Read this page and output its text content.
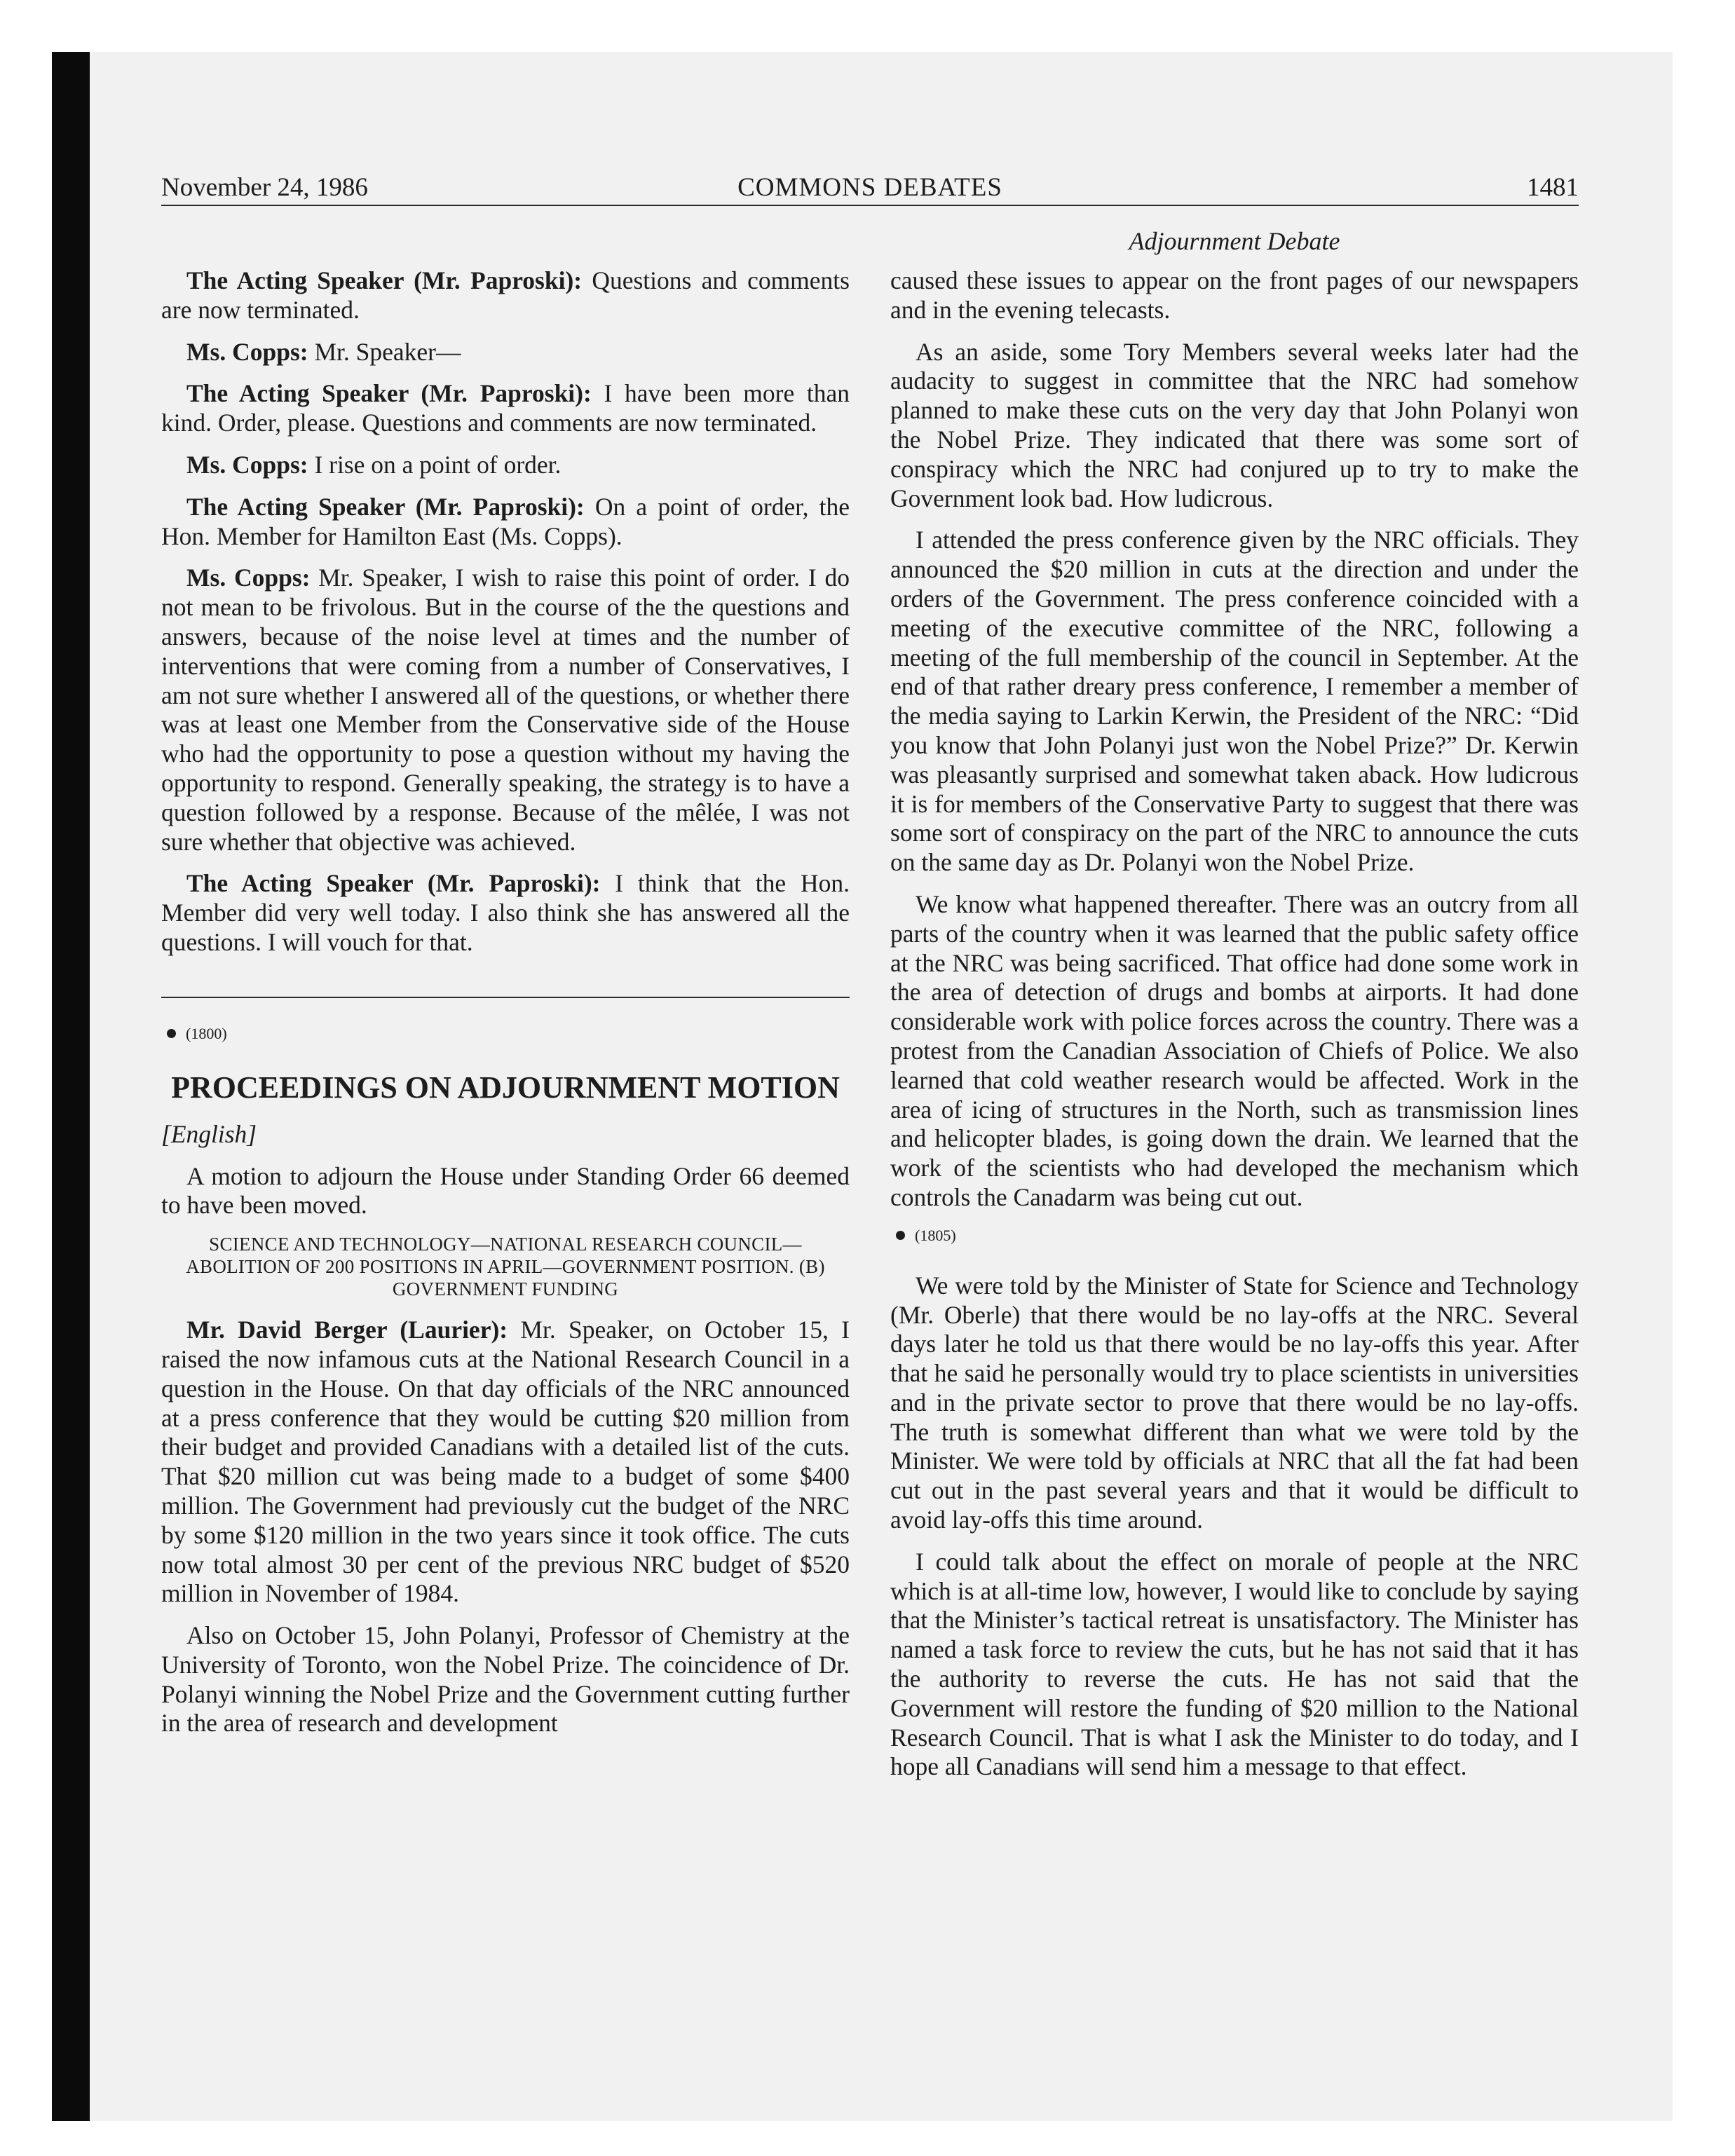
November 24, 1986	COMMONS DEBATES	1481
Adjournment Debate

The Acting Speaker (Mr. Paproski): Questions and comments are now terminated.

Ms. Copps: Mr. Speaker—

The Acting Speaker (Mr. Paproski): I have been more than kind. Order, please. Questions and comments are now terminated.

Ms. Copps: I rise on a point of order.

The Acting Speaker (Mr. Paproski): On a point of order, the Hon. Member for Hamilton East (Ms. Copps).

Ms. Copps: Mr. Speaker, I wish to raise this point of order. I do not mean to be frivolous. But in the course of the the questions and answers, because of the noise level at times and the number of interventions that were coming from a number of Conservatives, I am not sure whether I answered all of the questions, or whether there was at least one Member from the Conservative side of the House who had the opportunity to pose a question without my having the opportunity to respond. Generally speaking, the strategy is to have a question followed by a response. Because of the mêlée, I was not sure whether that objective was achieved.

The Acting Speaker (Mr. Paproski): I think that the Hon. Member did very well today. I also think she has answered all the questions. I will vouch for that.

(1800)
PROCEEDINGS ON ADJOURNMENT MOTION
[English]

A motion to adjourn the House under Standing Order 66 deemed to have been moved.

SCIENCE AND TECHNOLOGY—NATIONAL RESEARCH COUNCIL—ABOLITION OF 200 POSITIONS IN APRIL—GOVERNMENT POSITION. (B) GOVERNMENT FUNDING

Mr. David Berger (Laurier): Mr. Speaker, on October 15, I raised the now infamous cuts at the National Research Council in a question in the House. On that day officials of the NRC announced at a press conference that they would be cutting $20 million from their budget and provided Canadians with a detailed list of the cuts. That $20 million cut was being made to a budget of some $400 million. The Government had previously cut the budget of the NRC by some $120 million in the two years since it took office. The cuts now total almost 30 per cent of the previous NRC budget of $520 million in November of 1984.

Also on October 15, John Polanyi, Professor of Chemistry at the University of Toronto, won the Nobel Prize. The coincidence of Dr. Polanyi winning the Nobel Prize and the Government cutting further in the area of research and development

caused these issues to appear on the front pages of our newspapers and in the evening telecasts.

As an aside, some Tory Members several weeks later had the audacity to suggest in committee that the NRC had somehow planned to make these cuts on the very day that John Polanyi won the Nobel Prize. They indicated that there was some sort of conspiracy which the NRC had conjured up to try to make the Government look bad. How ludicrous.

I attended the press conference given by the NRC officials. They announced the $20 million in cuts at the direction and under the orders of the Government. The press conference coincided with a meeting of the executive committee of the NRC, following a meeting of the full membership of the council in September. At the end of that rather dreary press conference, I remember a member of the media saying to Larkin Kerwin, the President of the NRC: “Did you know that John Polanyi just won the Nobel Prize?” Dr. Kerwin was pleasantly surprised and somewhat taken aback. How ludicrous it is for members of the Conservative Party to suggest that there was some sort of conspiracy on the part of the NRC to announce the cuts on the same day as Dr. Polanyi won the Nobel Prize.

We know what happened thereafter. There was an outcry from all parts of the country when it was learned that the public safety office at the NRC was being sacrificed. That office had done some work in the area of detection of drugs and bombs at airports. It had done considerable work with police forces across the country. There was a protest from the Canadian Association of Chiefs of Police. We also learned that cold weather research would be affected. Work in the area of icing of structures in the North, such as transmission lines and helicopter blades, is going down the drain. We learned that the work of the scientists who had developed the mechanism which controls the Canadarm was being cut out.

(1805)

We were told by the Minister of State for Science and Technology (Mr. Oberle) that there would be no lay-offs at the NRC. Several days later he told us that there would be no lay-offs this year. After that he said he personally would try to place scientists in universities and in the private sector to prove that there would be no lay-offs. The truth is somewhat different than what we were told by the Minister. We were told by officials at NRC that all the fat had been cut out in the past several years and that it would be difficult to avoid lay-offs this time around.

I could talk about the effect on morale of people at the NRC which is at all-time low, however, I would like to conclude by saying that the Minister’s tactical retreat is unsatisfactory. The Minister has named a task force to review the cuts, but he has not said that it has the authority to reverse the cuts. He has not said that the Government will restore the funding of $20 million to the National Research Council. That is what I ask the Minister to do today, and I hope all Canadians will send him a message to that effect.
